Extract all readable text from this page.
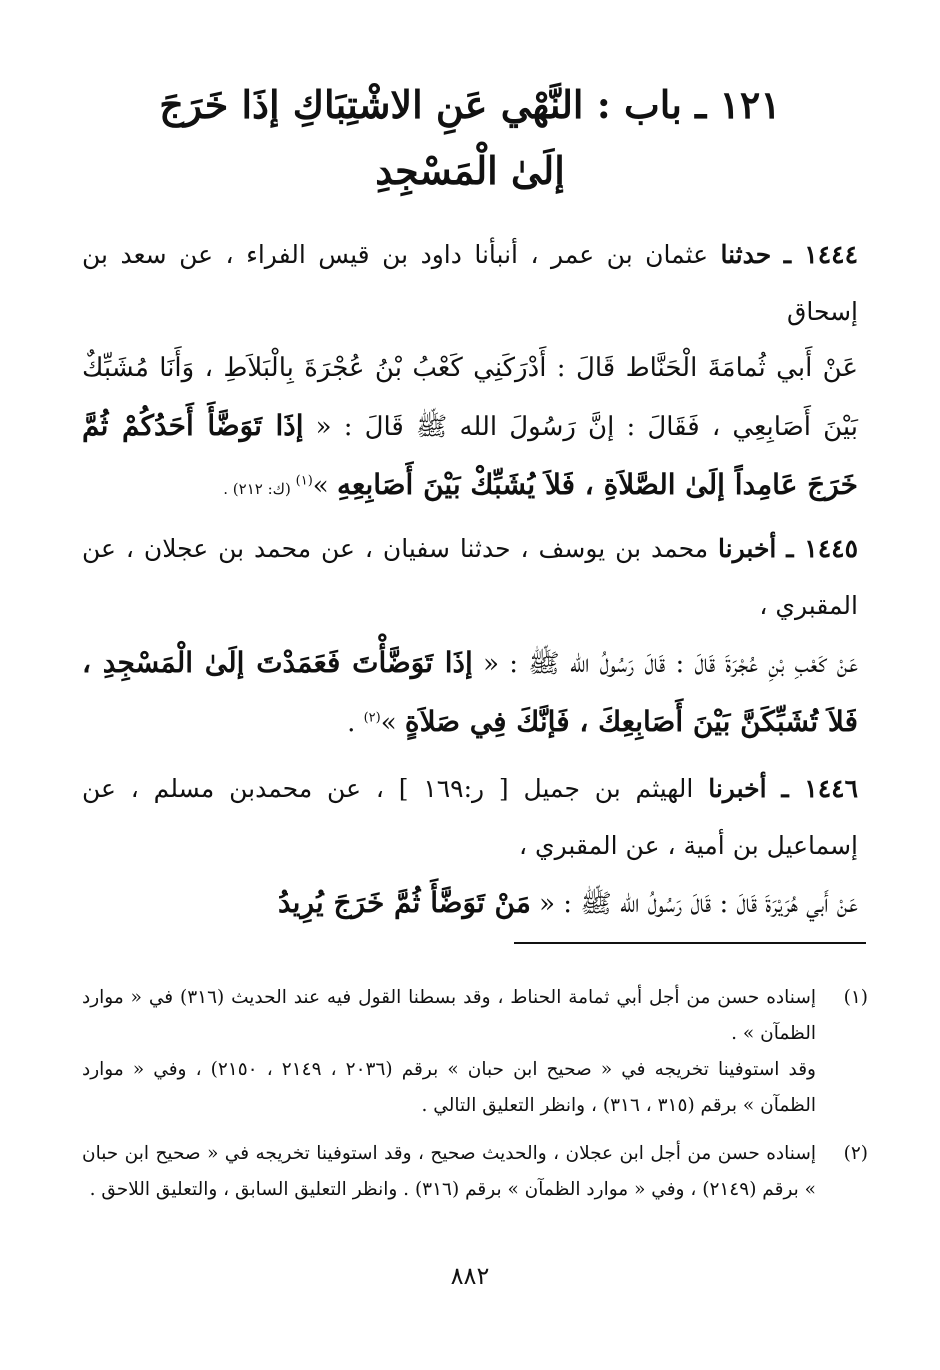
١٢١ ـ باب : النَّهْي عَنِ الاشْتِبَاكِ إذَا خَرَجَ
إلَىٰ الْمَسْجِدِ
١٤٤٤ ـ حدثنا عثمان بن عمر ، أنبأنا داود بن قيس الفراء ، عن سعد بن إسحاق
عَنْ أَبي ثُمامَةَ الْحَنَّاط قَالَ : أَدْرَكَنِي كَعْبُ بْنُ عُجْرَةَ بِالْبَلاَطِ ، وَأَنَا مُشَبِّكٌ بَيْنَ أَصَابِعِي ، فَقَالَ : إنَّ رَسُولَ الله ﷺ قَالَ : « إذَا تَوَضَّأَ أَحَدُكُمْ ثُمَّ خَرَجَ عَامِداً إلَىٰ الصَّلاَةِ ، فَلاَ يُشَبِّكْ بَيْنَ أَصَابِعِهِ »$^{(١)}$ (ك: ٢١٢) .
١٤٤٥ ـ أخبرنا محمد بن يوسف ، حدثنا سفيان ، عن محمد بن عجلان ، عن المقبري ،
عَنْ كَعْبِ بْنِ عُجْرَةَ قَالَ : قَالَ رَسُولُ الله ﷺ : « إذَا تَوَضَّأْتَ فَعَمَدْتَ إلَىٰ الْمَسْجِدِ ، فَلاَ تُشَبِّكَنَّ بَيْنَ أَصَابِعِكَ ، فَإنَّكَ فِي صَلاَةٍ »$^{(٢)}$ .
١٤٤٦ ـ أخبرنا الهيثم بن جميل [ ر:١٦٩ ] ، عن محمدبن مسلم ، عن إسماعيل بن أمية ، عن المقبري ،
عَنْ أَبي هُرَيْرَةَ قَالَ : قَالَ رَسُولُ الله ﷺ : « مَنْ تَوَضَّأَ ثُمَّ خَرَجَ يُرِيدُ
(١)

إسناده حسن من أجل أبي ثمامة الحناط ، وقد بسطنا القول فيه عند الحديث (٣١٦) في « موارد الظمآن » .

وقد استوفينا تخريجه في « صحيح ابن حبان » برقم (٢٠٣٦ ، ٢١٤٩ ، ٢١٥٠) ، وفي « موارد الظمآن » برقم (٣١٥ ، ٣١٦) ، وانظر التعليق التالي .

(٢)

إسناده حسن من أجل ابن عجلان ، والحديث صحيح ، وقد استوفينا تخريجه في « صحيح ابن حبان » برقم (٢١٤٩) ، وفي « موارد الظمآن » برقم (٣١٦) . وانظر التعليق السابق ، والتعليق اللاحق .

٨٨٢
